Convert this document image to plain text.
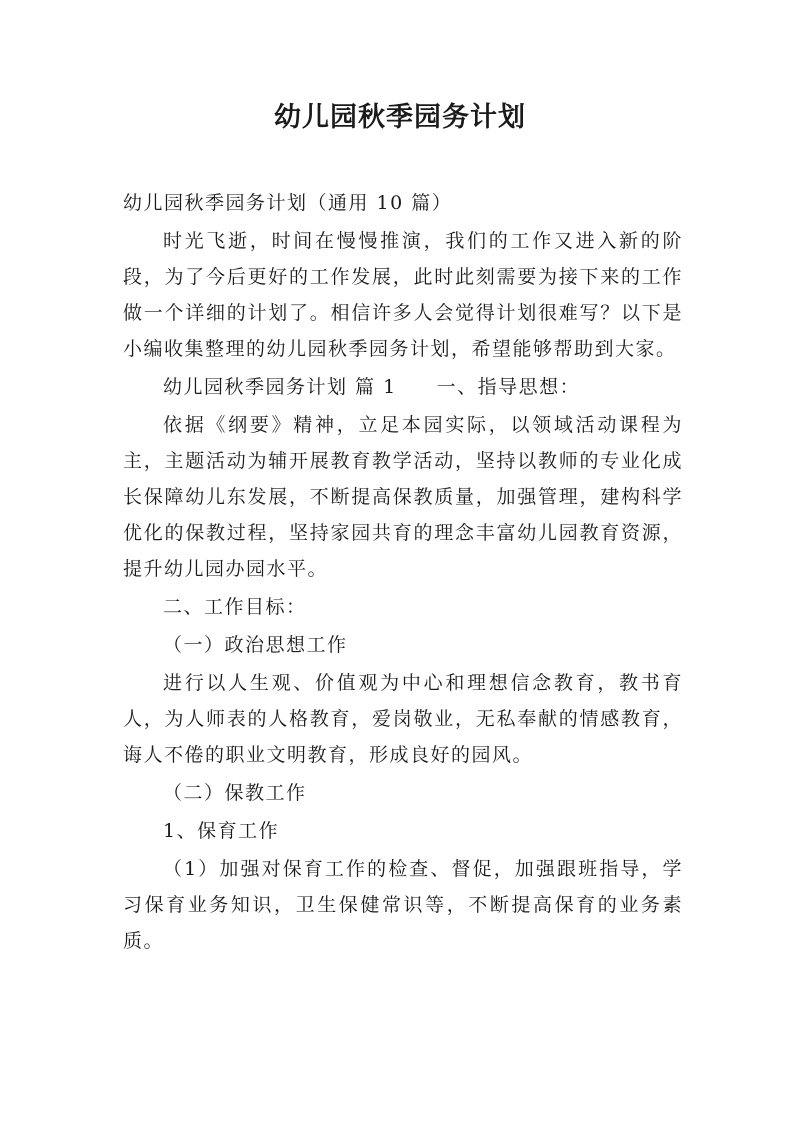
幼儿园秋季园务计划

幼儿园秋季园务计划（通用 10 篇）

时光飞逝，时间在慢慢推演，我们的工作又进入新的阶段，为了今后更好的工作发展，此时此刻需要为接下来的工作做一个详细的计划了。相信许多人会觉得计划很难写？以下是小编收集整理的幼儿园秋季园务计划，希望能够帮助到大家。

幼儿园秋季园务计划 篇 1 一、指导思想：

依据《纲要》精神，立足本园实际，以领域活动课程为主，主题活动为辅开展教育教学活动，坚持以教师的专业化成长保障幼儿东发展，不断提高保教质量，加强管理，建构科学优化的保教过程，坚持家园共育的理念丰富幼儿园教育资源，提升幼儿园办园水平。

二、工作目标：

（一）政治思想工作

进行以人生观、价值观为中心和理想信念教育，教书育人，为人师表的人格教育，爱岗敬业，无私奉献的情感教育，诲人不倦的职业文明教育，形成良好的园风。

（二）保教工作

1、保育工作

（1）加强对保育工作的检查、督促，加强跟班指导，学习保育业务知识，卫生保健常识等，不断提高保育的业务素质。
